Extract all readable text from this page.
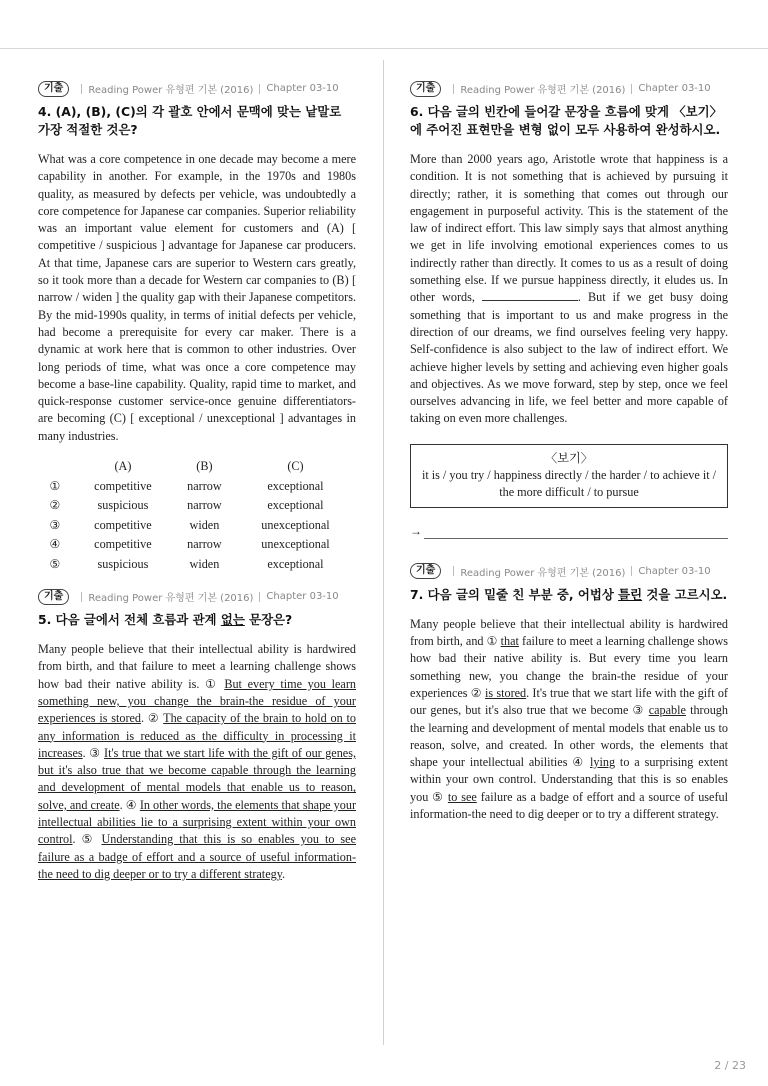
기출	Reading Power 유형편 기본 (2016) Chapter 03-10
4. (A), (B), (C)의 각 괄호 안에서 문맥에 맞는 낱말로 가장 적절한 것은?

What was a core competence in one decade may become a mere capability in another. For example, in the 1970s and 1980s quality, as measured by defects per vehicle, was undoubtedly a core competence for Japanese car companies. Superior reliability was an important value element for customers and (A) [ competitive / suspicious ] advantage for Japanese car producers. At that time, Japanese cars are superior to Western cars greatly, so it took more than a decade for Western car companies to (B) [ narrow / widen ] the quality gap with their Japanese competitors. By the mid-1990s quality, in terms of initial defects per vehicle, had become a prerequisite for every car maker. There is a dynamic at work here that is common to other industries. Over long periods of time, what was once a core competence may become a base-line capability. Quality, rapid time to market, and quick-response customer service-once genuine differentiators-are becoming (C) [ exceptional / unexceptional ] advantages in many industries.

	(A)	(B)	(C)
①	competitive	narrow	exceptional
②	suspicious	narrow	exceptional
③	competitive	widen	unexceptional
④	competitive	narrow	unexceptional
⑤	suspicious	widen	exceptional
기출	Reading Power 유형편 기본 (2016) Chapter 03-10
5. 다음 글에서 전체 흐름과 관계 없는 문장은?

Many people believe that their intellectual ability is hardwired from birth, and that failure to meet a learning challenge shows how bad their native ability is. ① But every time you learn something new, you change the brain-the residue of your experiences is stored. ② The capacity of the brain to hold on to any information is reduced as the difficulty in processing it increases. ③ It's true that we start life with the gift of our genes, but it's also true that we become capable through the learning and development of mental models that enable us to reason, solve, and create. ④ In other words, the elements that shape your intellectual abilities lie to a surprising extent within your own control. ⑤ Understanding that this is so enables you to see failure as a badge of effort and a source of useful information-the need to dig deeper or to try a different strategy.

기출	Reading Power 유형편 기본 (2016) Chapter 03-10
6. 다음 글의 빈칸에 들어갈 문장을 흐름에 맞게 〈보기〉에 주어진 표현만을 변형 없이 모두 사용하여 완성하시오.

More than 2000 years ago, Aristotle wrote that happiness is a condition. It is not something that is achieved by pursuing it directly; rather, it is something that comes out through our engagement in purposeful activity. This is the statement of the law of indirect effort. This law simply says that almost anything we get in life involving emotional experiences comes to us indirectly rather than directly. It comes to us as a result of doing something else. If we pursue happiness directly, it eludes us. In other words,	. But if we get busy doing something that is important to us and make progress in the direction of our dreams, we find ourselves feeling very happy. Self-confidence is also subject to the law of indirect effort. We achieve higher levels by setting and achieving even higher goals and objectives. As we move forward, step by step, once we feel ourselves advancing in life, we feel better and more capable of taking on even more challenges.

〈보기〉
it is / you try / happiness directly / the harder / to achieve it / the more difficult / to pursue
→
기출	Reading Power 유형편 기본 (2016) Chapter 03-10
7. 다음 글의 밑줄 친 부분 중, 어법상 틀린 것을 고르시오.

Many people believe that their intellectual ability is hardwired from birth, and ① that failure to meet a learning challenge shows how bad their native ability is. But every time you learn something new, you change the brain-the residue of your experiences ② is stored. It's true that we start life with the gift of our genes, but it's also true that we become ③ capable through the learning and development of mental models that enable us to reason, solve, and created. In other words, the elements that shape your intellectual abilities ④ lying to a surprising extent within your own control. Understanding that this is so enables you ⑤ to see failure as a badge of effort and a source of useful information-the need to dig deeper or to try a different strategy.

2 / 23
